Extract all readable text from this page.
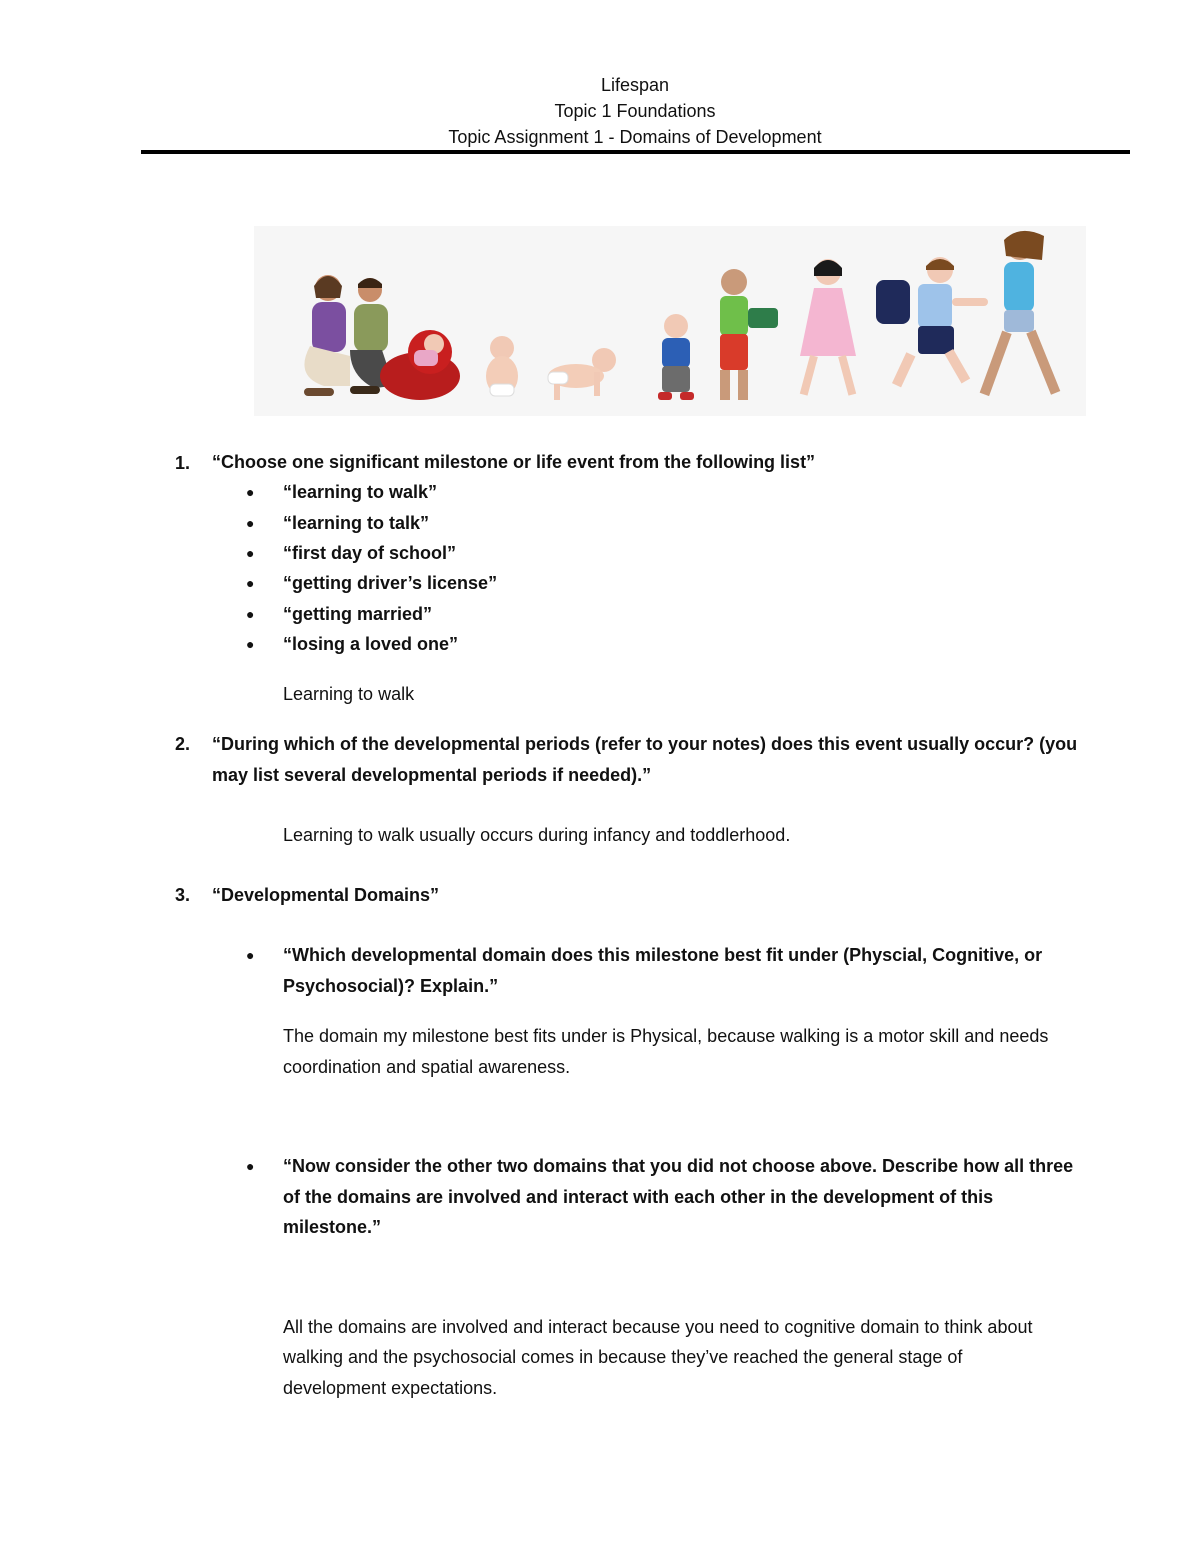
Lifespan
Topic 1 Foundations
Topic Assignment 1 - Domains of Development
1.	“Choose one significant milestone or life event from the following list”
● “learning to walk”
● “learning to talk”
● “first day of school”
● “getting driver’s license”
● “getting married”
● “losing a loved one”
Learning to walk
2.	“During which of the developmental periods (refer to your notes) does this event usually occur? (you
may list several developmental periods if needed).”
Learning to walk usually occurs during infancy and toddlerhood.
3.	“Developmental Domains”
● “Which developmental domain does this milestone best fit under (Physcial, Cognitive, or
Psychosocial)? Explain.”
The domain my milestone best fits under is Physical, because walking is a motor skill and needs
coordination and spatial awareness.
● “Now consider the other two domains that you did not choose above. Describe how all three
of the domains are involved and interact with each other in the development of this
milestone.”
All the domains are involved and interact because you need to cognitive domain to think about
walking and the psychosocial comes in because they’ve reached the general stage of
development expectations.
